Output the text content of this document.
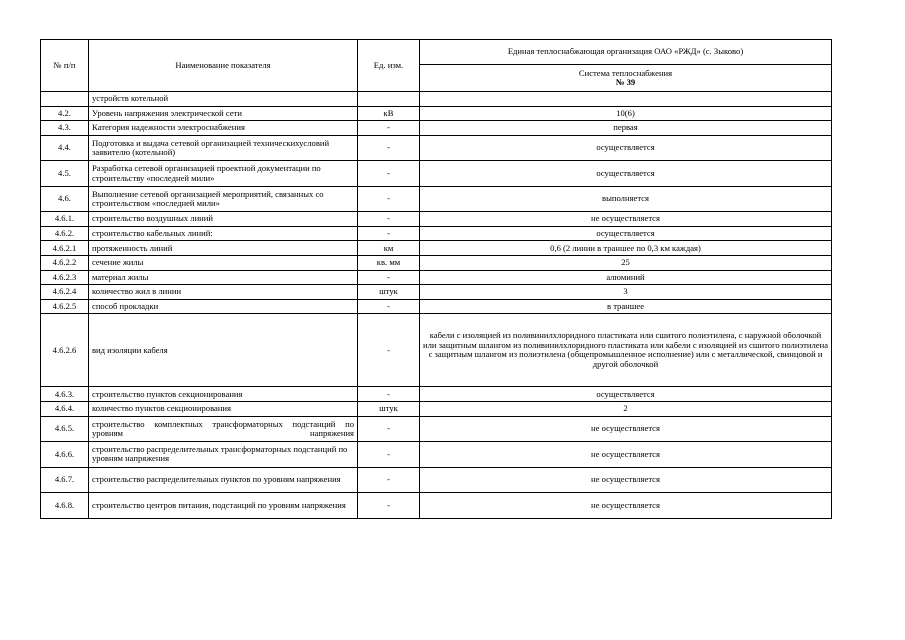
№ п/п	Наименование показателя	Ед. изм.	Единая теплоснабжающая организация ОАО «РЖД» (с. Зыково)

			Система теплоснабжения
№ 39

	устройств котельной		
4.2.	Уровень напряжения электрической сети	кВ	10(6)
4.3.	Категория надежности электроснабжения	-	первая
4.4.	Подготовка и выдача сетевой организацией техническихусловий заявителю (котельной)	-	осуществляется
4.5.	Разработка сетевой организацией проектной документации по строительству «последней мили»	-	осуществляется
4.6.	Выполнение сетевой организацией мероприятий, связанных со строительством «последней мили»	-	выполняется
4.6.1.	строительство воздушных линий	-	не осуществляется
4.6.2.	строительство кабельных линий:	-	осуществляется
4.6.2.1	протяженность линий	км	0,6 (2 линии в траншее по 0,3 км каждая)
4.6.2.2	сечение жилы	кв. мм	25
4.6.2.3	материал жилы	-	алюминий
4.6.2.4	количество жил в линии	штук	3
4.6.2.5	способ прокладки	-	в траншее
4.6.2.6	вид изоляции кабеля	-	кабели с изоляцией из поливинилхлоридного пластиката или сшитого полиэтилена, с наружной оболочкой или защитным шлангом из поливинилхлоридного пластиката или кабели с изоляцией из сшитого полиэтилена с защитным шлангом из полиэтилена (общепромышленное исполнение) или с металлической, свинцовой и другой оболочкой
4.6.3.	строительство пунктов секционирования	-	осуществляется
4.6.4.	количество пунктов секционирования	штук	2
4.6.5.	строительство комплектных трансформаторных подстанций по уровням напряжения	-	не осуществляется
4.6.6.	строительство распределительных трансформаторных подстанций по уровням напряжения	-	не осуществляется
4.6.7.	строительство распределительных пунктов по уровням напряжения	-	не осуществляется
4.6.8.	строительство центров питания, подстанций по уровням напряжения	-	не осуществляется
